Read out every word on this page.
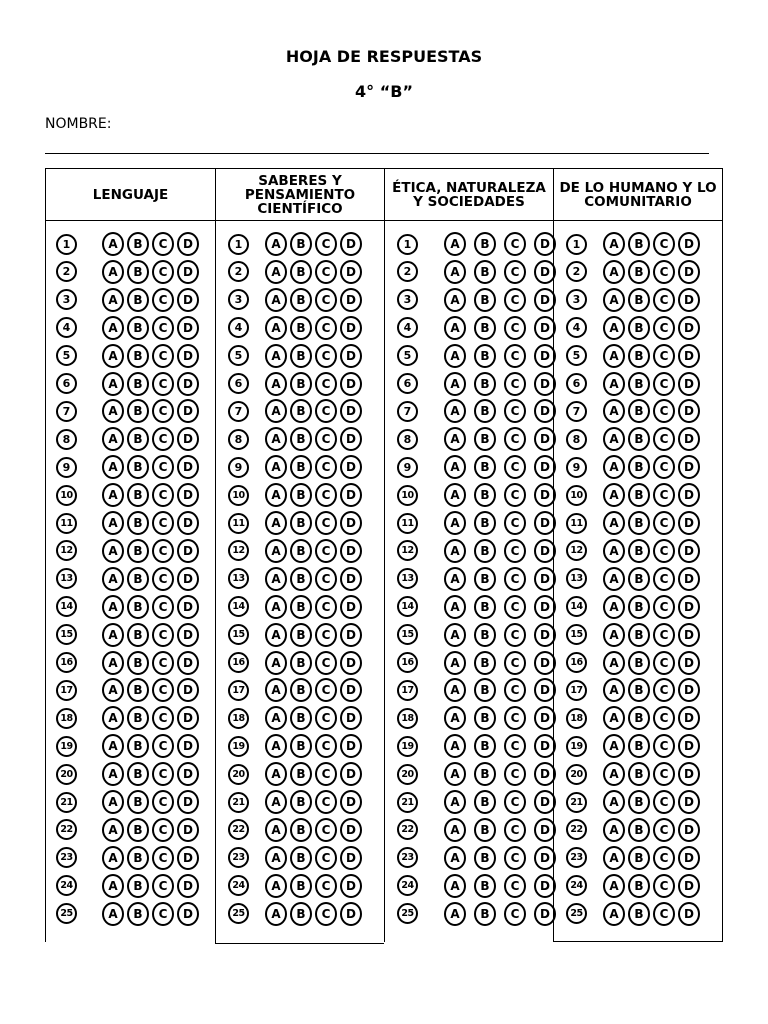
HOJA DE RESPUESTAS
4° “B”
NOMBRE:
LENGUAJE
SABERES Y PENSAMIENTO CIENTÍFICO
ÉTICA, NATURALEZA Y SOCIEDADES
DE LO HUMANO Y LO COMUNITARIO
1	A	B	C	D
2	A	B	C	D
3	A	B	C	D
4	A	B	C	D
5	A	B	C	D
6	A	B	C	D
7	A	B	C	D
8	A	B	C	D
9	A	B	C	D
10	A	B	C	D
11	A	B	C	D
12	A	B	C	D
13	A	B	C	D
14	A	B	C	D
15	A	B	C	D
16	A	B	C	D
17	A	B	C	D
18	A	B	C	D
19	A	B	C	D
20	A	B	C	D
21	A	B	C	D
22	A	B	C	D
23	A	B	C	D
24	A	B	C	D
25	A	B	C	D
1	A	B	C	D
2	A	B	C	D
3	A	B	C	D
4	A	B	C	D
5	A	B	C	D
6	A	B	C	D
7	A	B	C	D
8	A	B	C	D
9	A	B	C	D
10	A	B	C	D
11	A	B	C	D
12	A	B	C	D
13	A	B	C	D
14	A	B	C	D
15	A	B	C	D
16	A	B	C	D
17	A	B	C	D
18	A	B	C	D
19	A	B	C	D
20	A	B	C	D
21	A	B	C	D
22	A	B	C	D
23	A	B	C	D
24	A	B	C	D
25	A	B	C	D
1	A	B	C	D
2	A	B	C	D
3	A	B	C	D
4	A	B	C	D
5	A	B	C	D
6	A	B	C	D
7	A	B	C	D
8	A	B	C	D
9	A	B	C	D
10	A	B	C	D
11	A	B	C	D
12	A	B	C	D
13	A	B	C	D
14	A	B	C	D
15	A	B	C	D
16	A	B	C	D
17	A	B	C	D
18	A	B	C	D
19	A	B	C	D
20	A	B	C	D
21	A	B	C	D
22	A	B	C	D
23	A	B	C	D
24	A	B	C	D
25	A	B	C	D
1	A	B	C	D
2	A	B	C	D
3	A	B	C	D
4	A	B	C	D
5	A	B	C	D
6	A	B	C	D
7	A	B	C	D
8	A	B	C	D
9	A	B	C	D
10	A	B	C	D
11	A	B	C	D
12	A	B	C	D
13	A	B	C	D
14	A	B	C	D
15	A	B	C	D
16	A	B	C	D
17	A	B	C	D
18	A	B	C	D
19	A	B	C	D
20	A	B	C	D
21	A	B	C	D
22	A	B	C	D
23	A	B	C	D
24	A	B	C	D
25	A	B	C	D
